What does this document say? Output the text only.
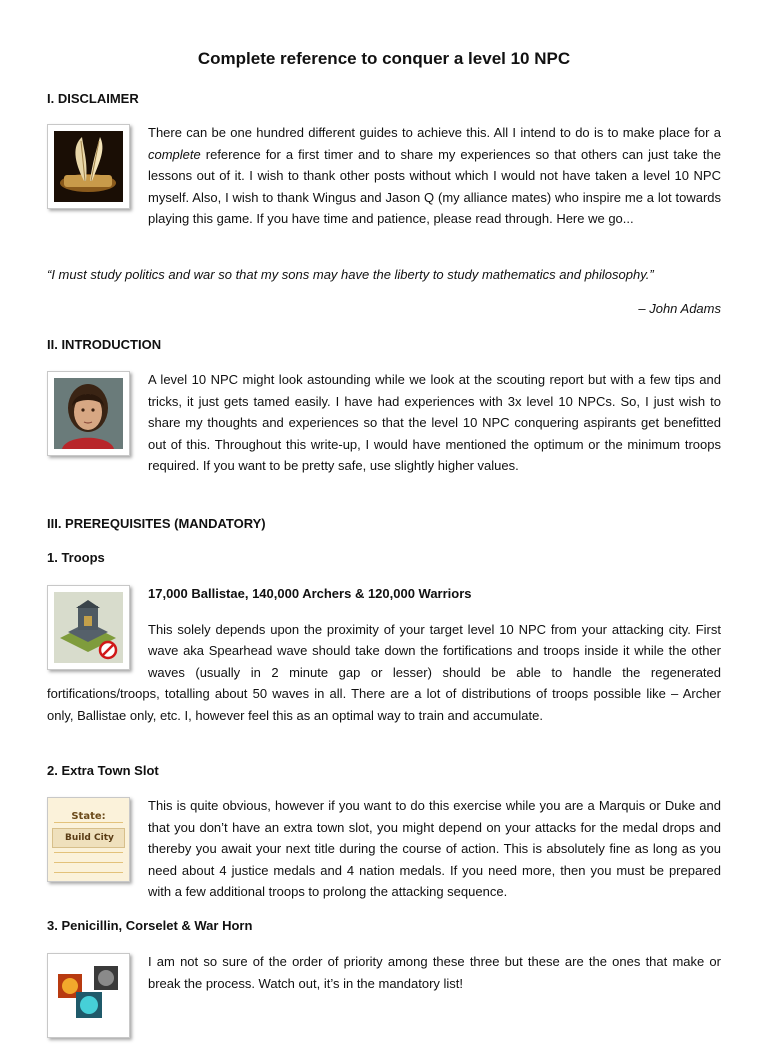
Complete reference to conquer a level 10 NPC
I. DISCLAIMER
There can be one hundred different guides to achieve this. All I intend to do is to make place for a complete reference for a first timer and to share my experiences so that others can just take the lessons out of it. I wish to thank other posts without which I would not have taken a level 10 NPC myself. Also, I wish to thank Wingus and Jason Q (my alliance mates) who inspire me a lot towards playing this game. If you have time and patience, please read through. Here we go...
“I must study politics and war so that my sons may have the liberty to study mathematics and philosophy.”
– John Adams
II. INTRODUCTION
A level 10 NPC might look astounding while we look at the scouting report but with a few tips and tricks, it just gets tamed easily. I have had experiences with 3x level 10 NPCs. So, I just wish to share my thoughts and experiences so that the level 10 NPC conquering aspirants get benefitted out of this. Throughout this write-up, I would have mentioned the optimum or the minimum troops required. If you want to be pretty safe, use slightly higher values.
III. PREREQUISITES (MANDATORY)
1. Troops
17,000 Ballistae, 140,000 Archers & 120,000 Warriors
This solely depends upon the proximity of your target level 10 NPC from your attacking city. First wave aka Spearhead wave should take down the fortifications and troops inside it while the other waves (usually in 2 minute gap or lesser) should be able to handle the regenerated fortifications/troops, totalling about 50 waves in all. There are a lot of distributions of troops possible like – Archer only, Ballistae only, etc. I, however feel this as an optimal way to train and accumulate.
2. Extra Town Slot
State:
Build City
This is quite obvious, however if you want to do this exercise while you are a Marquis or Duke and that you don’t have an extra town slot, you might depend on your attacks for the medal drops and thereby you await your next title during the course of action. This is absolutely fine as long as you need about 4 justice medals and 4 nation medals. If you need more, then you must be prepared with a few additional troops to prolong the attacking sequence.
3. Penicillin, Corselet & War Horn
I am not so sure of the order of priority among these three but these are the ones that make or break the process. Watch out, it’s in the mandatory list!
